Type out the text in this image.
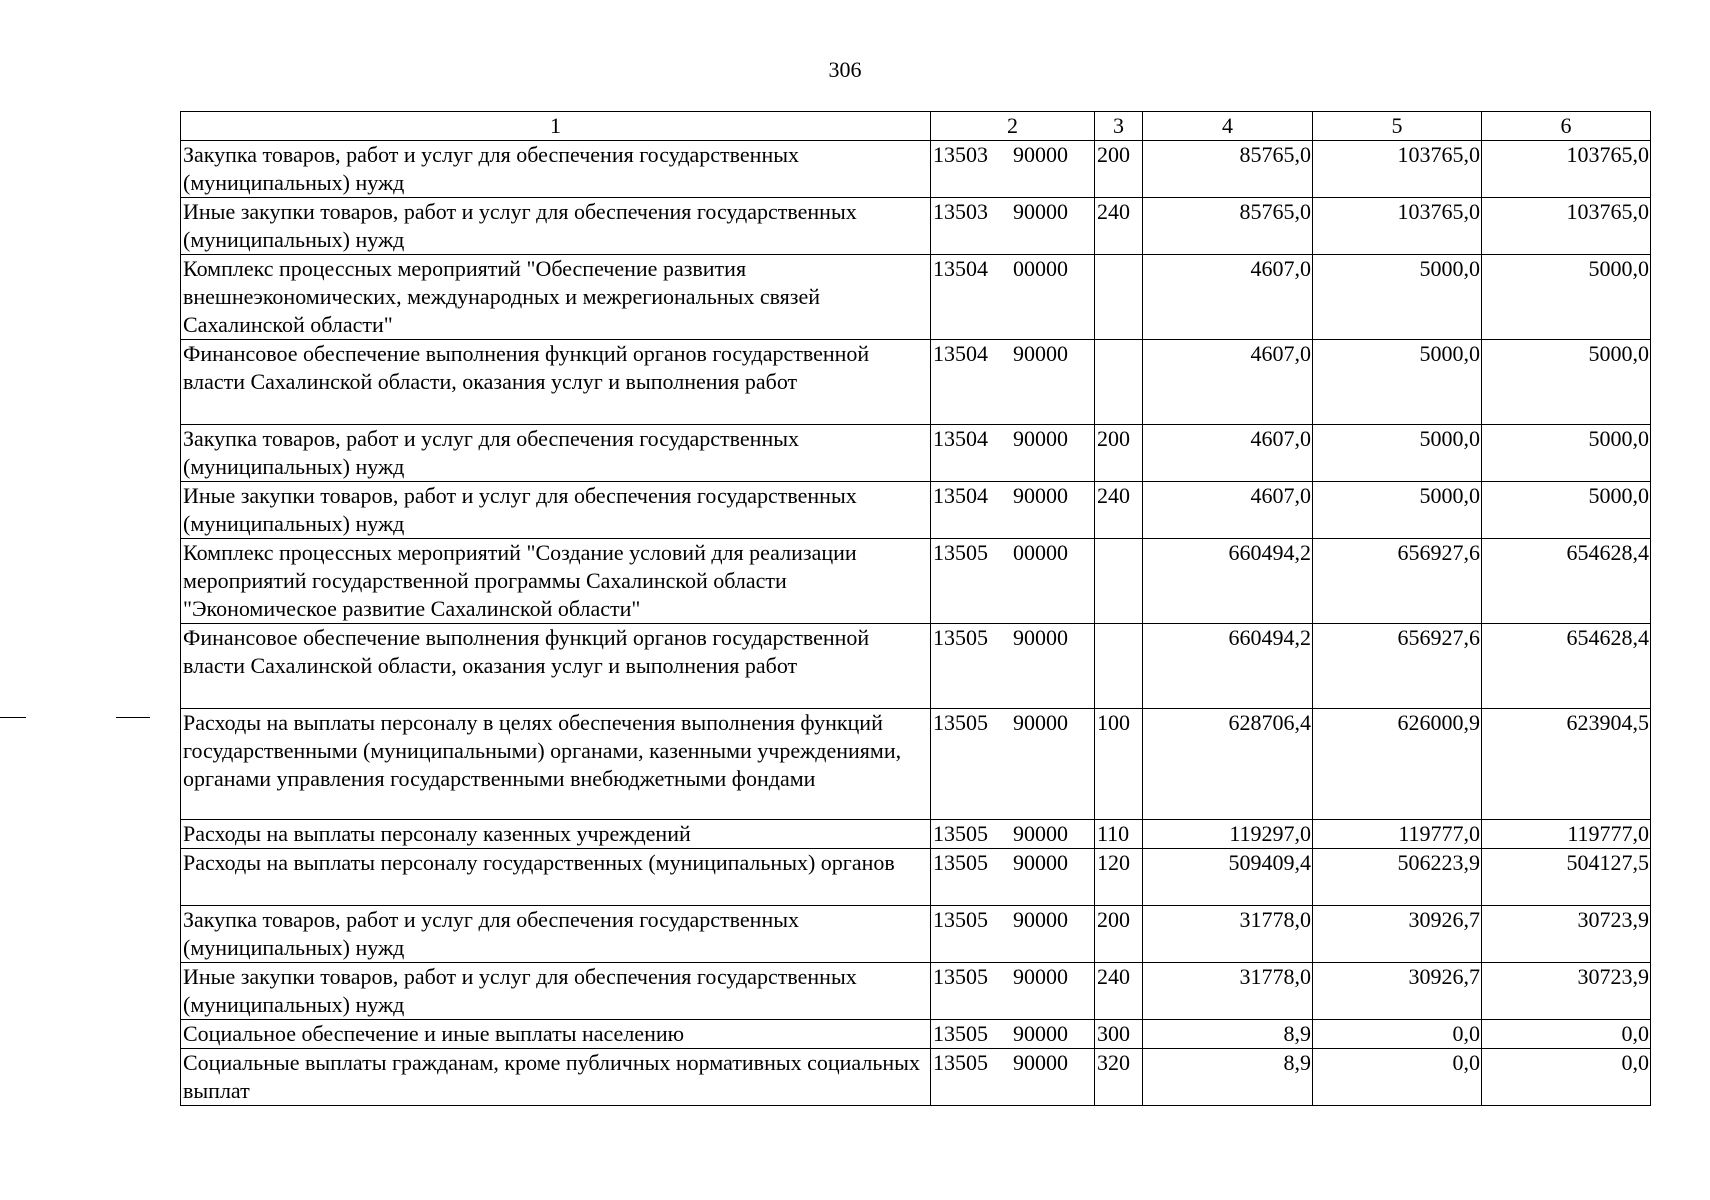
306
1	2	3	4	5	6
Закупка товаров, работ и услуг для обеспечения государственных (муниципальных) нужд	13503 90000	200	85765,0	103765,0	103765,0
Иные закупки товаров, работ и услуг для обеспечения государственных (муниципальных) нужд	13503 90000	240	85765,0	103765,0	103765,0
Комплекс процессных мероприятий "Обеспечение развития внешнеэкономических, международных и межрегиональных связей Сахалинской области"	13504 00000		4607,0	5000,0	5000,0
Финансовое обеспечение выполнения функций органов государственной власти Сахалинской области, оказания услуг и выполнения работ	13504 90000		4607,0	5000,0	5000,0
Закупка товаров, работ и услуг для обеспечения государственных (муниципальных) нужд	13504 90000	200	4607,0	5000,0	5000,0
Иные закупки товаров, работ и услуг для обеспечения государственных (муниципальных) нужд	13504 90000	240	4607,0	5000,0	5000,0
Комплекс процессных мероприятий "Создание условий для реализации мероприятий государственной программы Сахалинской области "Экономическое развитие Сахалинской области"	13505 00000		660494,2	656927,6	654628,4
Финансовое обеспечение выполнения функций органов государственной власти Сахалинской области, оказания услуг и выполнения работ	13505 90000		660494,2	656927,6	654628,4
Расходы на выплаты персоналу в целях обеспечения выполнения функций государственными (муниципальными) органами, казенными учреждениями, органами управления государственными внебюджетными фондами	13505 90000	100	628706,4	626000,9	623904,5
Расходы на выплаты персоналу казенных учреждений	13505 90000	110	119297,0	119777,0	119777,0
Расходы на выплаты персоналу государственных (муниципальных) органов	13505 90000	120	509409,4	506223,9	504127,5
Закупка товаров, работ и услуг для обеспечения государственных (муниципальных) нужд	13505 90000	200	31778,0	30926,7	30723,9
Иные закупки товаров, работ и услуг для обеспечения государственных (муниципальных) нужд	13505 90000	240	31778,0	30926,7	30723,9
Социальное обеспечение и иные выплаты населению	13505 90000	300	8,9	0,0	0,0
Социальные выплаты гражданам, кроме публичных нормативных социальных выплат	13505 90000	320	8,9	0,0	0,0
